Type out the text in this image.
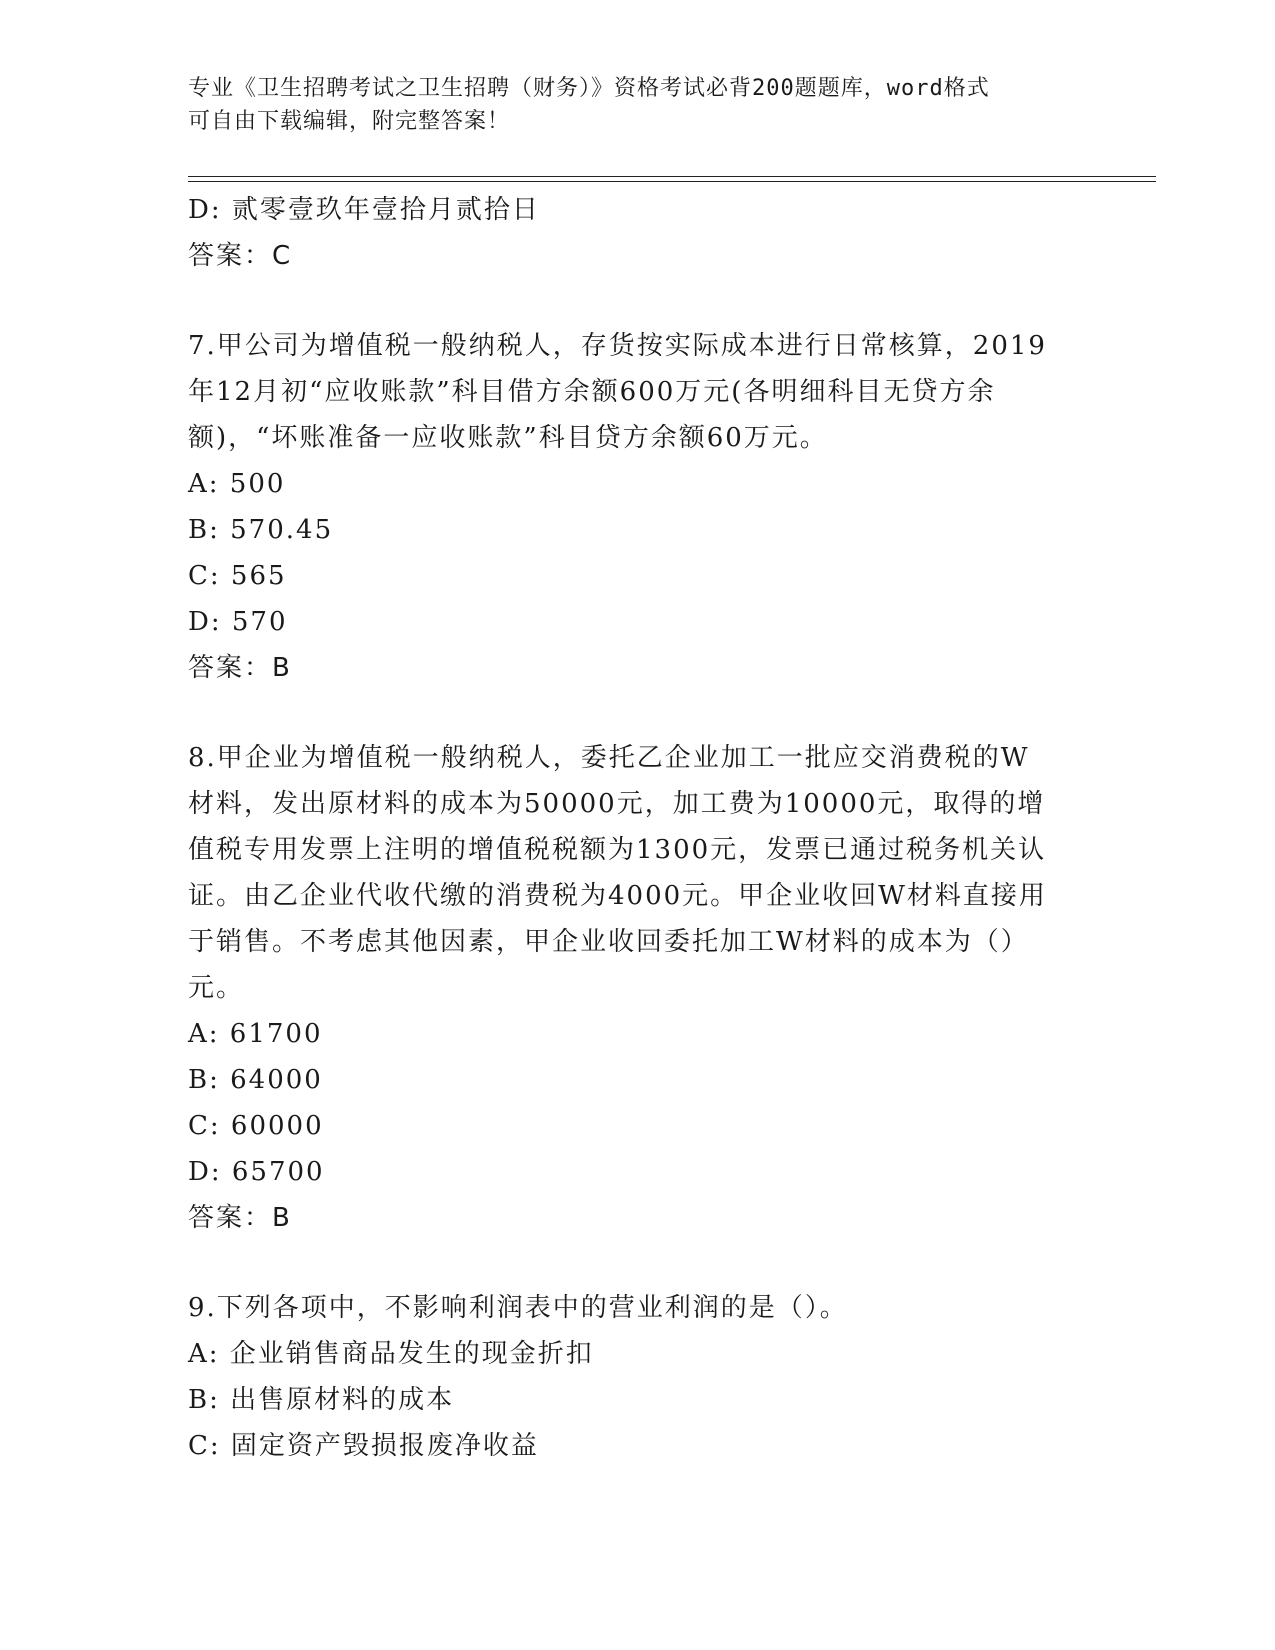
专业《卫生招聘考试之卫生招聘（财务）》资格考试必背200题题库，word格式
可自由下载编辑，附完整答案！
D: 贰零壹玖年壹拾月贰拾日
答案：C
7.甲公司为增值税一般纳税人，存货按实际成本进行日常核算，2019
年12月初“应收账款”科目借方余额600万元(各明细科目无贷方余
额)，“坏账准备一应收账款”科目贷方余额60万元。
A: 500
B: 570.45
C: 565
D: 570
答案：B
8.甲企业为增值税一般纳税人，委托乙企业加工一批应交消费税的W
材料，发出原材料的成本为50000元，加工费为10000元，取得的增
值税专用发票上注明的增值税税额为1300元，发票已通过税务机关认
证。由乙企业代收代缴的消费税为4000元。甲企业收回W材料直接用
于销售。不考虑其他因素，甲企业收回委托加工W材料的成本为（）
元。
A: 61700
B: 64000
C: 60000
D: 65700
答案：B
9.下列各项中，不影响利润表中的营业利润的是（）。
A: 企业销售商品发生的现金折扣
B: 出售原材料的成本
C: 固定资产毁损报废净收益
